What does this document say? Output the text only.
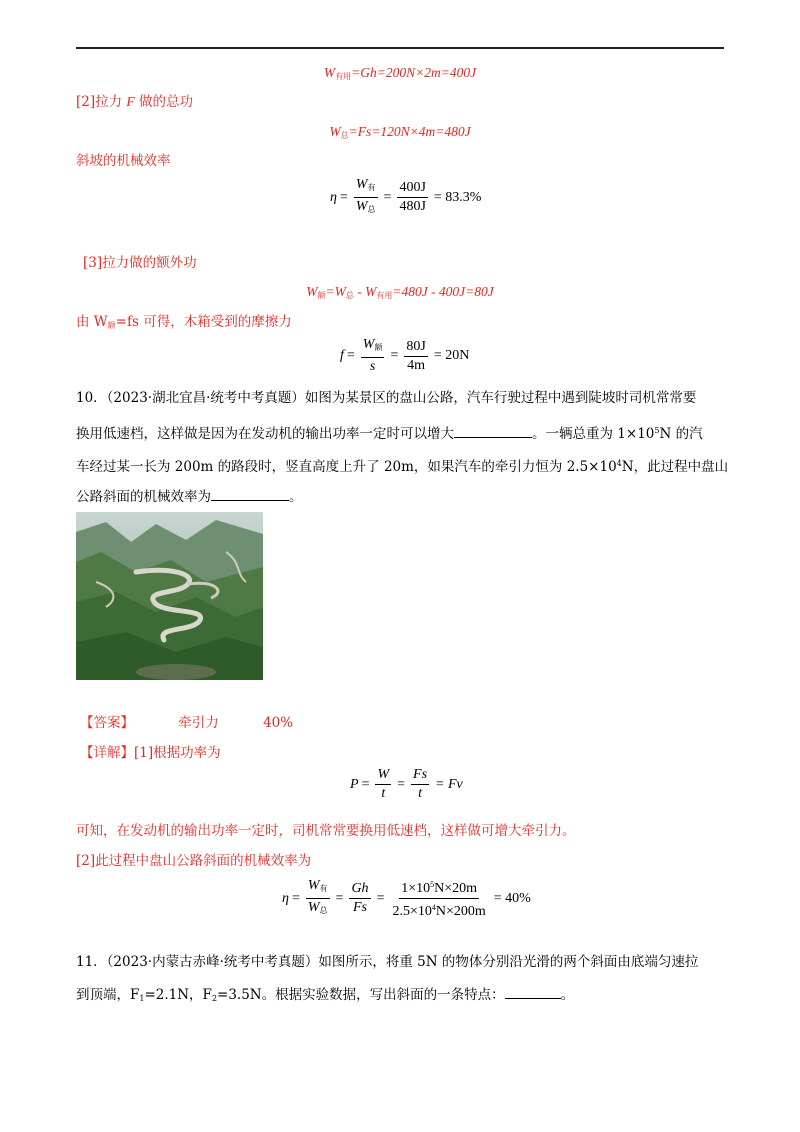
$W_{有用}=Gh=200N\times 2m=400J$
[2]拉力 F 做的总功
$W_总=Fs=120N\times 4m=480J$
斜坡的机械效率
$\eta = \frac{W_有}{W_总} = \frac{400J}{480J} = 83.3\%$
[3]拉力做的额外功
$W_额=W_总 - W_{有用}=480J - 400J=80J$
由 $W_额=fs$ 可得，木箱受到的摩擦力
$f = \frac{W_额}{s} = \frac{80J}{4m} = 20N$
10．（2023·湖北宜昌·统考中考真题）如图为某景区的盘山公路，汽车行驶过程中遇到陡坡时司机常常要
换用低速档，这样做是因为在发动机的输出功率一定时可以增大	。一辆总重为 $1\times 10^5N$ 的汽
车经过某一长为 200m 的路段时，竖直高度上升了 20m，如果汽车的牵引力恒为 $2.5\times 10^4N$，此过程中盘山
公路斜面的机械效率为	。
【答案】	牵引力	40%
【详解】[1]根据功率为
$P = \frac{W}{t} = \frac{Fs}{t} = Fv$
可知，在发动机的输出功率一定时，司机常常要换用低速档，这样做可增大牵引力。
[2]此过程中盘山公路斜面的机械效率为
$\eta = \frac{W_有}{W_总} = \frac{Gh}{Fs} = \frac{1\times 10^5N\times 20m}{2.5\times 10^4N\times 200m} = 40\%$
11．（2023·内蒙古赤峰·统考中考真题）如图所示，将重 5N 的物体分别沿光滑的两个斜面由底端匀速拉
到顶端，$F_1=2.1N$，$F_2=3.5N$。根据实验数据，写出斜面的一条特点：	。
